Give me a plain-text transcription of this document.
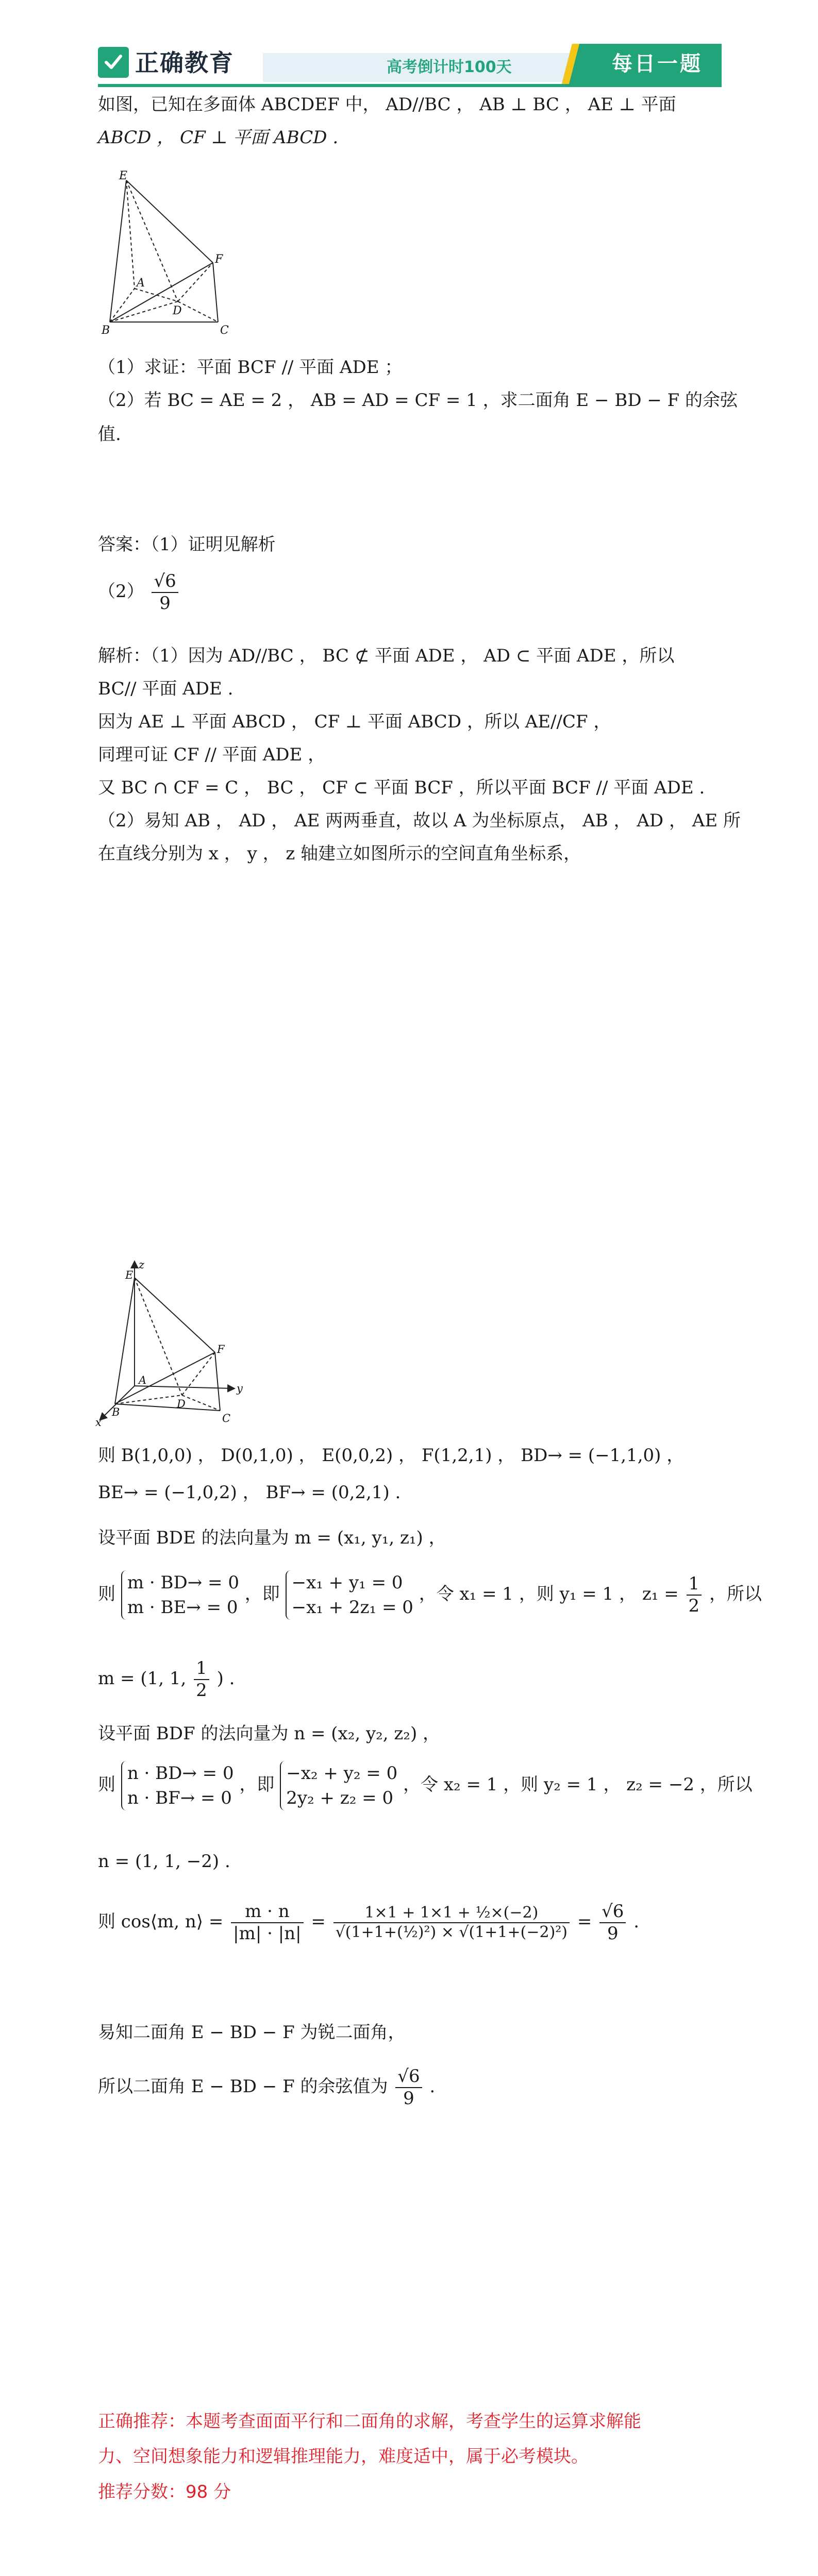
正确教育	高考倒计时100天	每日一题
如图，已知在多面体 ABCDEF 中， AD//BC ， AB ⊥ BC ， AE ⊥ 平面
ABCD ， CF ⊥ 平面 ABCD .
E
F
A
D
B	C
（1）求证：平面 BCF // 平面 ADE ；
（2）若 BC = AE = 2 ， AB = AD = CF = 1 ，求二面角 E − BD − F 的余弦
值.
答案：（1）证明见解析
$(2) \frac{√6}{9}$
解析：（1）因为 AD//BC ， BC ⊄ 平面 ADE ， AD ⊂ 平面 ADE ，所以
BC// 平面 ADE .
因为 AE ⊥ 平面 ABCD ， CF ⊥ 平面 ABCD ，所以 AE//CF ，
同理可证 CF // 平面 ADE ，
又 BC ∩ CF = C ， BC ， CF ⊂ 平面 BCF ，所以平面 BCF // 平面 ADE .
（2）易知 AB ， AD ， AE 两两垂直，故以 A 为坐标原点， AB ， AD ， AE 所
在直线分别为 x ， y ， z 轴建立如图所示的空间直角坐标系，
z
E
F
A
D
B	C
x
y
则 B(1,0,0) ， D(0,1,0) ， E(0,0,2) ， F(1,2,1) ， BD→ = (−1,1,0) ，
BE→ = (−1,0,2) ， BF→ = (0,2,1) .
设平面 BDE 的法向量为 m = (x₁, y₁, z₁) ，
则 m · BD→ = 0
m · BE→ = 0 ，即 −x₁ + y₁ = 0
−x₁ + 2z₁ = 0 ，令 x₁ = 1 ，则 y₁ = 1 ， $z_1 = \frac{1}{2}$ ，所以
m = (1, 1, $\frac{1}{2}$ ) .
设平面 BDF 的法向量为 n = (x₂, y₂, z₂) ，
则 n · BD→ = 0
n · BF→ = 0 ，即 −x₂ + y₂ = 0
2y₂ + z₂ = 0 ，令 x₂ = 1 ，则 y₂ = 1 ， z₂ = −2 ，所以
n = (1, 1, −2) .
则 cos⟨m, n⟩ = $\frac{m \cdot n}{|m| \cdot |n|} = \frac{\text{1×1 + 1×1 + ½×(−2)}}{\text{√(1+1+(½)²) × √(1+1+(−2)²)}} = \frac{√6}{9}$ .
易知二面角 E − BD − F 为锐二面角，
所以二面角 E − BD − F 的余弦值为 $\frac{√6}{9}$ .
正确推荐：本题考查面面平行和二面角的求解，考查学生的运算求解能
力、空间想象能力和逻辑推理能力，难度适中，属于必考模块。
推荐分数：98 分
